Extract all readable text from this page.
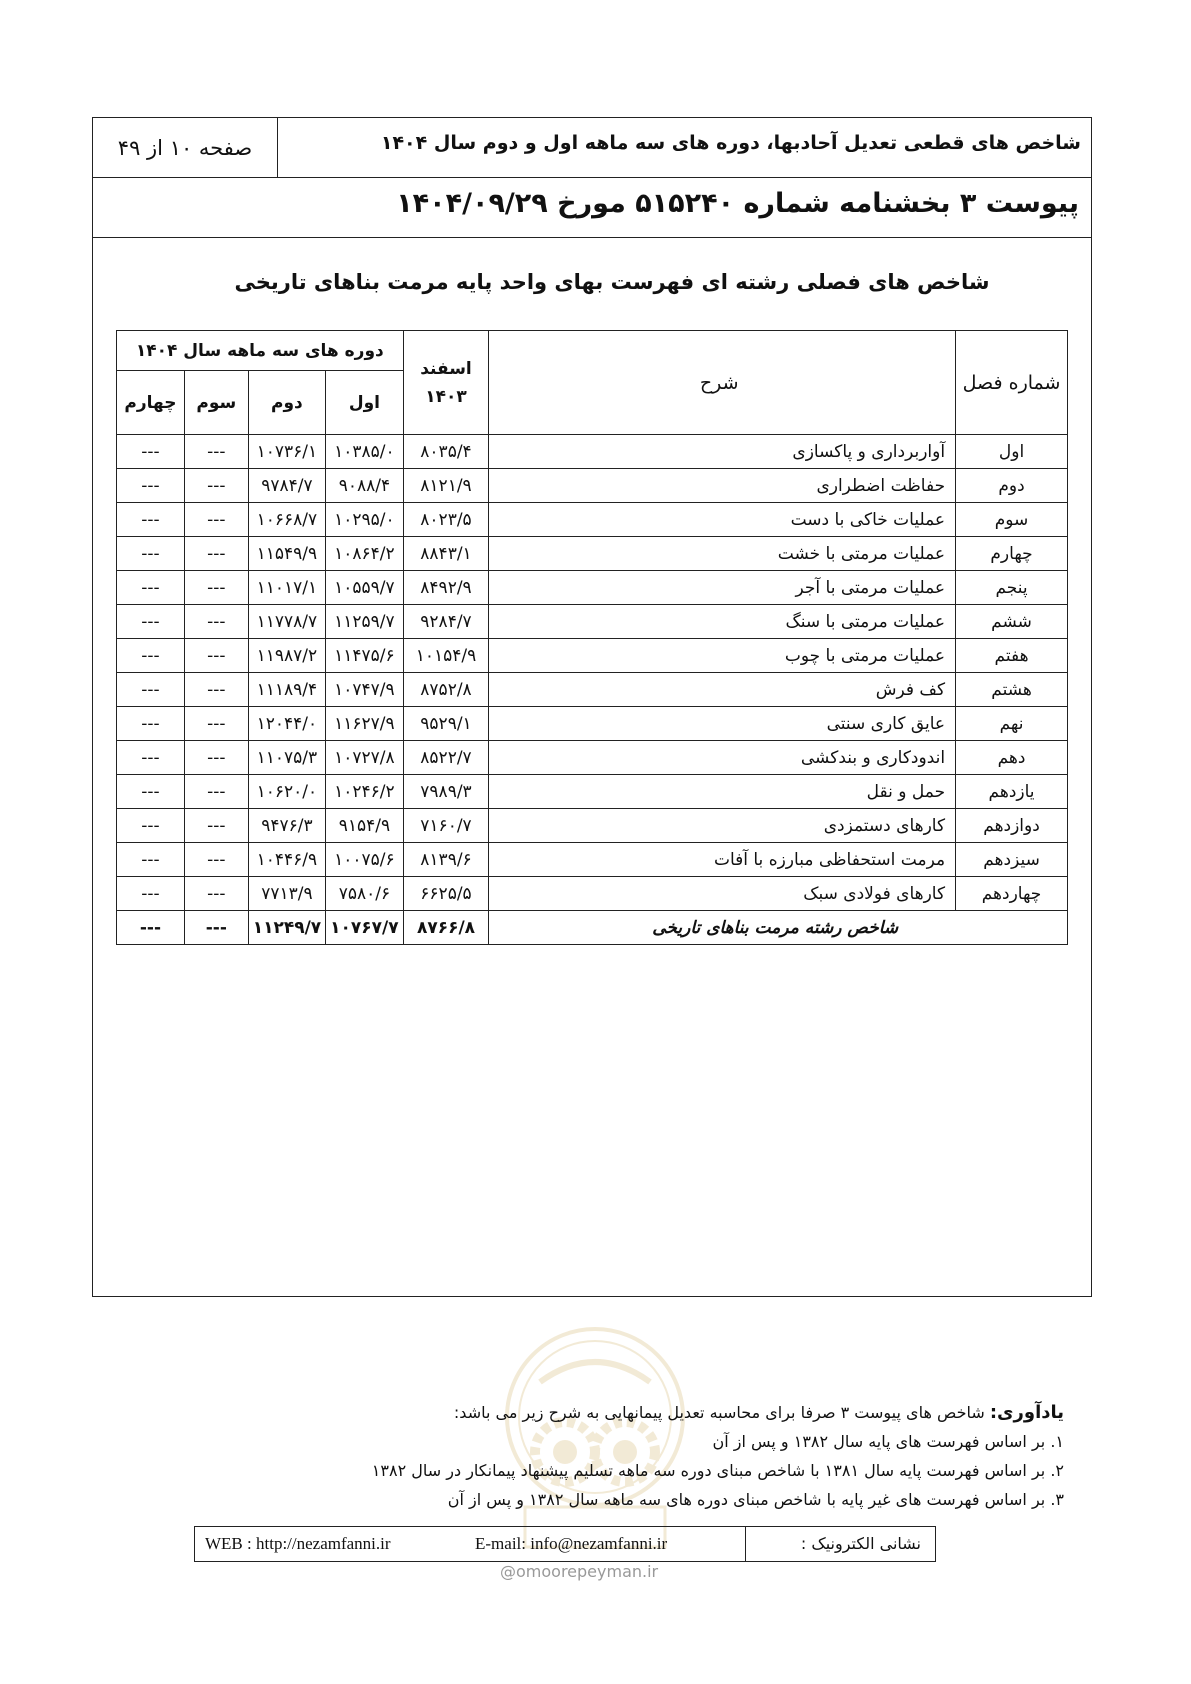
شاخص های قطعی تعدیل آحادبها، دوره های سه ماهه اول و دوم سال ۱۴۰۴
صفحه ۱۰ از ۴۹
پیوست ۳ بخشنامه شماره ۵۱۵۲۴۰ مورخ ۱۴۰۴/۰۹/۲۹
شاخص های فصلی رشته ای فهرست بهای واحد پایه مرمت بناهای تاریخی
شماره فصل	شرح	اسفند
۱۴۰۳	دوره های سه ماهه سال ۱۴۰۴			
			اول	دوم	سوم	چهارم
اول	آواربرداری و پاکسازی	۸۰۳۵/۴	۱۰۳۸۵/۰	۱۰۷۳۶/۱	---	---
دوم	حفاظت اضطراری	۸۱۲۱/۹	۹۰۸۸/۴	۹۷۸۴/۷	---	---
سوم	عملیات خاکی با دست	۸۰۲۳/۵	۱۰۲۹۵/۰	۱۰۶۶۸/۷	---	---
چهارم	عملیات مرمتی با خشت	۸۸۴۳/۱	۱۰۸۶۴/۲	۱۱۵۴۹/۹	---	---
پنجم	عملیات مرمتی با آجر	۸۴۹۲/۹	۱۰۵۵۹/۷	۱۱۰۱۷/۱	---	---
ششم	عملیات مرمتی با سنگ	۹۲۸۴/۷	۱۱۲۵۹/۷	۱۱۷۷۸/۷	---	---
هفتم	عملیات مرمتی با چوب	۱۰۱۵۴/۹	۱۱۴۷۵/۶	۱۱۹۸۷/۲	---	---
هشتم	کف فرش	۸۷۵۲/۸	۱۰۷۴۷/۹	۱۱۱۸۹/۴	---	---
نهم	عایق کاری سنتی	۹۵۲۹/۱	۱۱۶۲۷/۹	۱۲۰۴۴/۰	---	---
دهم	اندودکاری و بندکشی	۸۵۲۲/۷	۱۰۷۲۷/۸	۱۱۰۷۵/۳	---	---
یازدهم	حمل و نقل	۷۹۸۹/۳	۱۰۲۴۶/۲	۱۰۶۲۰/۰	---	---
دوازدهم	کارهای دستمزدی	۷۱۶۰/۷	۹۱۵۴/۹	۹۴۷۶/۳	---	---
سیزدهم	مرمت استحفاظی مبارزه با آفات	۸۱۳۹/۶	۱۰۰۷۵/۶	۱۰۴۴۶/۹	---	---
چهاردهم	کارهای فولادی سبک	۶۶۲۵/۵	۷۵۸۰/۶	۷۷۱۳/۹	---	---
شاخص رشته مرمت بناهای تاریخی		۸۷۶۶/۸	۱۰۷۶۷/۷	۱۱۲۴۹/۷	---	---
یادآوری: شاخص های پیوست ۳ صرفا برای محاسبه تعدیل پیمانهایی به شرح زیر می باشد:
۱. بر اساس فهرست های پایه سال ۱۳۸۲ و پس از آن
۲. بر اساس فهرست پایه سال ۱۳۸۱ با شاخص مبنای دوره سه ماهه تسلیم پیشنهاد پیمانکار در سال ۱۳۸۲
۳. بر اساس فهرست های غیر پایه با شاخص مبنای دوره های سه ماهه سال ۱۳۸۲ و پس از آن
نشانی الکترونیک :
E-mail: info@nezamfanni.ir
WEB : http://nezamfanni.ir
@omoorepeyman.ir
